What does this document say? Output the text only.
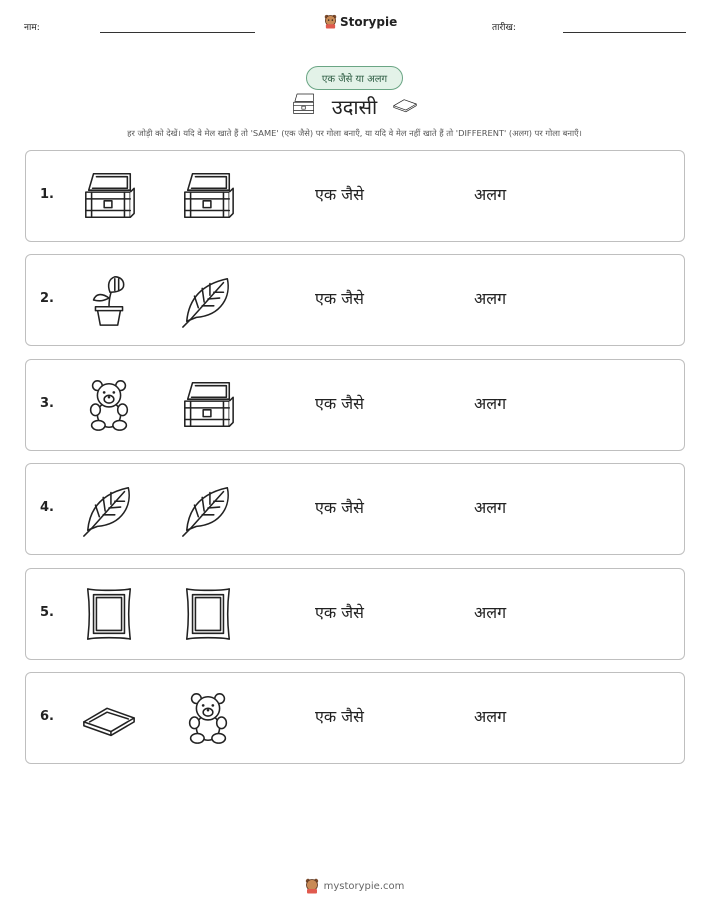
नाम:	Storypie	तारीख:
एक जैसे या अलग
उदासी
हर जोड़ी को देखें। यदि वे मेल खाते हैं तो 'SAME' (एक जैसे) पर गोला बनाएँ, या यदि वे मेल नहीं खाते हैं तो 'DIFFERENT' (अलग) पर गोला बनाएँ।
1.	एक जैसे	अलग
2.	एक जैसे	अलग
3.	एक जैसे	अलग
4.	एक जैसे	अलग
5.	एक जैसे	अलग
6.	एक जैसे	अलग
mystorypie.com
